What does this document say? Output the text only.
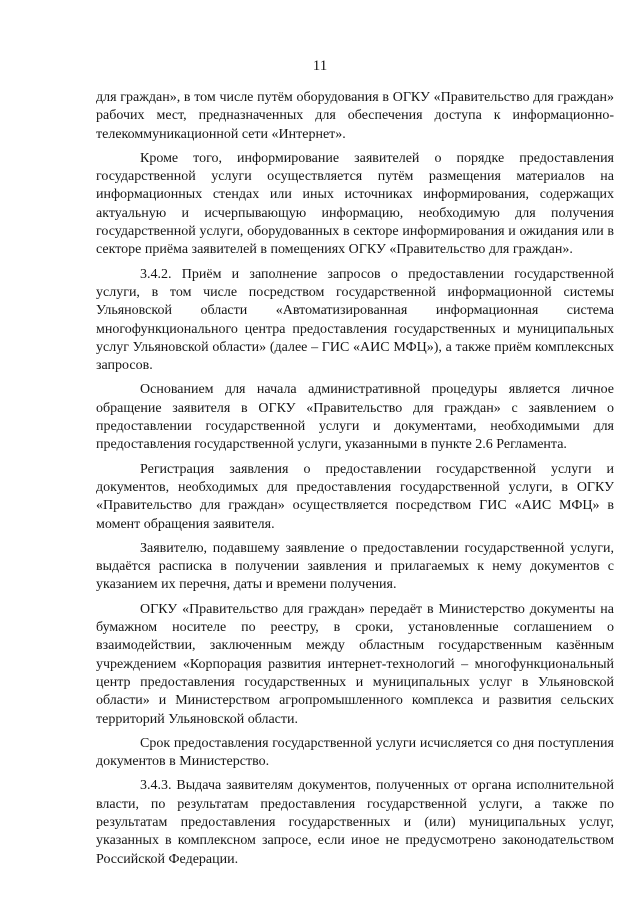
11

для граждан», в том числе путём оборудования в ОГКУ «Правительство для граждан» рабочих мест, предназначенных для обеспечения доступа к информационно-телекоммуникационной сети «Интернет».

Кроме того, информирование заявителей о порядке предоставления государственной услуги осуществляется путём размещения материалов на информационных стендах или иных источниках информирования, содержащих актуальную и исчерпывающую информацию, необходимую для получения государственной услуги, оборудованных в секторе информирования и ожидания или в секторе приёма заявителей в помещениях ОГКУ «Правительство для граждан».

3.4.2. Приём и заполнение запросов о предоставлении государственной услуги, в том числе посредством государственной информационной системы Ульяновской области «Автоматизированная информационная система многофункционального центра предоставления государственных и муниципальных услуг Ульяновской области» (далее – ГИС «АИС МФЦ»), а также приём комплексных запросов.

Основанием для начала административной процедуры является личное обращение заявителя в ОГКУ «Правительство для граждан» с заявлением о предоставлении государственной услуги и документами, необходимыми для предоставления государственной услуги, указанными в пункте 2.6 Регламента.

Регистрация заявления о предоставлении государственной услуги и документов, необходимых для предоставления государственной услуги, в ОГКУ «Правительство для граждан» осуществляется посредством ГИС «АИС МФЦ» в момент обращения заявителя.

Заявителю, подавшему заявление о предоставлении государственной услуги, выдаётся расписка в получении заявления и прилагаемых к нему документов с указанием их перечня, даты и времени получения.

ОГКУ «Правительство для граждан» передаёт в Министерство документы на бумажном носителе по реестру, в сроки, установленные соглашением о взаимодействии, заключенным между областным государственным казённым учреждением «Корпорация развития интернет-технологий – многофункциональный центр предоставления государственных и муниципальных услуг в Ульяновской области» и Министерством агропромышленного комплекса и развития сельских территорий Ульяновской области.

Срок предоставления государственной услуги исчисляется со дня поступления документов в Министерство.

3.4.3. Выдача заявителям документов, полученных от органа исполнительной власти, по результатам предоставления государственной услуги, а также по результатам предоставления государственных и (или) муниципальных услуг, указанных в комплексном запросе, если иное не предусмотрено законодательством Российской Федерации.
